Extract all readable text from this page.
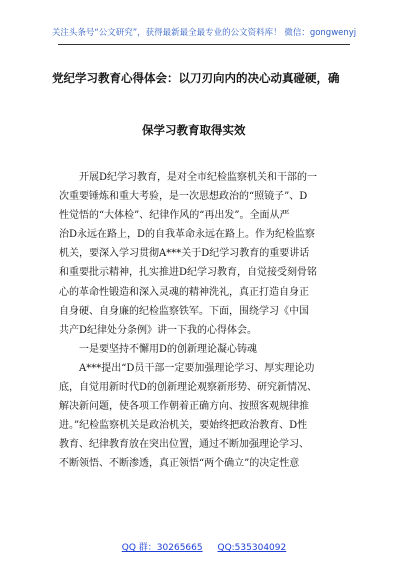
关注头条号“公文研究”，获得最新最全最专业的公文资料库！ 微信：gongwenyj
党纪学习教育心得体会：以刀刃向内的决心动真碰硬，确
保学习教育取得实效
开展D纪学习教育，是对全市纪检监察机关和干部的一
次重要锤炼和重大考验，是一次思想政治的“照镜子”、D
性觉悟的“大体检”、纪律作风的“再出发”。全面从严
治D永远在路上，D的自我革命永远在路上。作为纪检监察
机关，要深入学习贯彻A***关于D纪学习教育的重要讲话
和重要批示精神，扎实推进D纪学习教育，自觉接受刻骨铭
心的革命性锻造和深入灵魂的精神洗礼，真正打造自身正
自身硬、自身廉的纪检监察铁军。下面，围绕学习《中国
共产D纪律处分条例》讲一下我的心得体会。
一是要坚持不懈用D的创新理论凝心铸魂
A***提出“D员干部一定要加强理论学习、厚实理论功
底，自觉用新时代D的创新理论观察新形势、研究新情况、
解决新问题，使各项工作朝着正确方向、按照客观规律推
进。”纪检监察机关是政治机关，要始终把政治教育、D性
教育、纪律教育放在突出位置，通过不断加强理论学习、
不断领悟、不断渗透，真正领悟“两个确立”的决定性意
QQ 群：30265665 QQ:535304092
